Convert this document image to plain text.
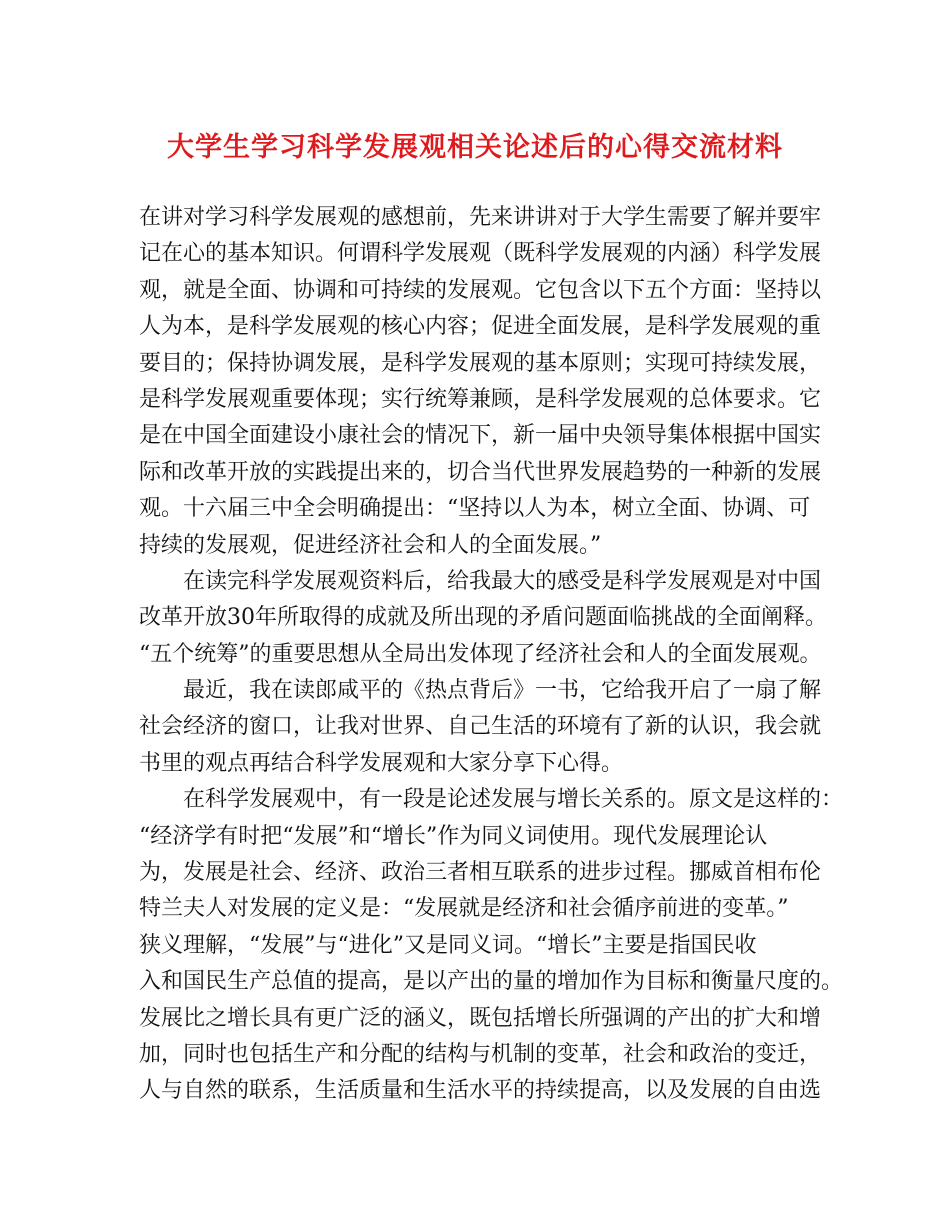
大学生学习科学发展观相关论述后的心得交流材料
在讲对学习科学发展观的感想前，先来讲讲对于大学生需要了解并要牢
记在心的基本知识。何谓科学发展观（既科学发展观的内涵）科学发展
观，就是全面、协调和可持续的发展观。它包含以下五个方面：坚持以
人为本，是科学发展观的核心内容；促进全面发展，是科学发展观的重
要目的；保持协调发展，是科学发展观的基本原则；实现可持续发展，
是科学发展观重要体现；实行统筹兼顾，是科学发展观的总体要求。它
是在中国全面建设小康社会的情况下，新一届中央领导集体根据中国实
际和改革开放的实践提出来的，切合当代世界发展趋势的一种新的发展
观。十六届三中全会明确提出：“坚持以人为本，树立全面、协调、可
持续的发展观，促进经济社会和人的全面发展。”
　　在读完科学发展观资料后，给我最大的感受是科学发展观是对中国
改革开放30年所取得的成就及所出现的矛盾问题面临挑战的全面阐释。
“五个统筹”的重要思想从全局出发体现了经济社会和人的全面发展观。
　　最近，我在读郎咸平的《热点背后》一书，它给我开启了一扇了解
社会经济的窗口，让我对世界、自己生活的环境有了新的认识，我会就
书里的观点再结合科学发展观和大家分享下心得。
　　在科学发展观中，有一段是论述发展与增长关系的。原文是这样的：
“经济学有时把“发展”和“增长”作为同义词使用。现代发展理论认
为，发展是社会、经济、政治三者相互联系的进步过程。挪威首相布伦
特兰夫人对发展的定义是：“发展就是经济和社会循序前进的变革。”
狭义理解，“发展”与“进化”又是同义词。“增长”主要是指国民收
入和国民生产总值的提高，是以产出的量的增加作为目标和衡量尺度的。
发展比之增长具有更广泛的涵义，既包括增长所强调的产出的扩大和增
加，同时也包括生产和分配的结构与机制的变革，社会和政治的变迁，
人与自然的联系，生活质量和生活水平的持续提高，以及发展的自由选
